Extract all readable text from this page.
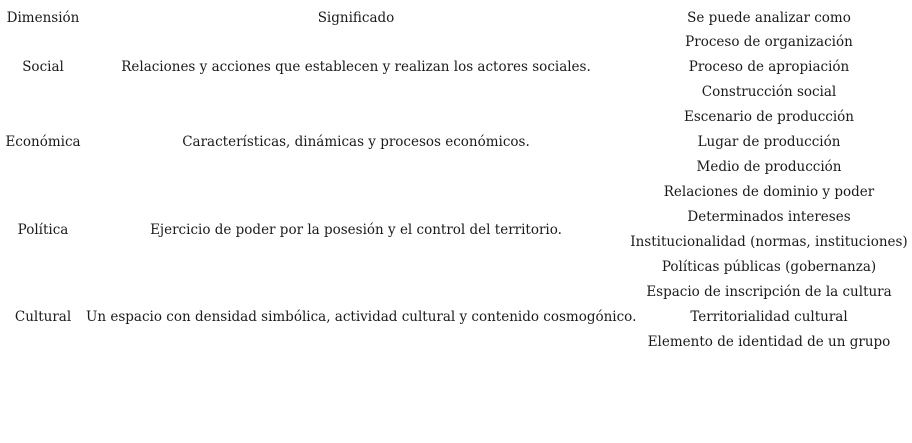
Dimensión	Significado	Se puede analizar como
Social	Relaciones y acciones que establecen y realizan los actores sociales.	Proceso de organización
Proceso de apropiación
Construcción social

Económica	Características, dinámicas y procesos económicos.	Escenario de producción
Lugar de producción
Medio de producción

Política	Ejercicio de poder por la posesión y el control del territorio.	Relaciones de dominio y poder
Determinados intereses
Institucionalidad (normas, instituciones)
Políticas públicas (gobernanza)

Cultural	Un espacio con densidad simbólica, actividad cultural y contenido cosmogónico.	Espacio de inscripción de la cultura
Territorialidad cultural
Elemento de identidad de un grupo
